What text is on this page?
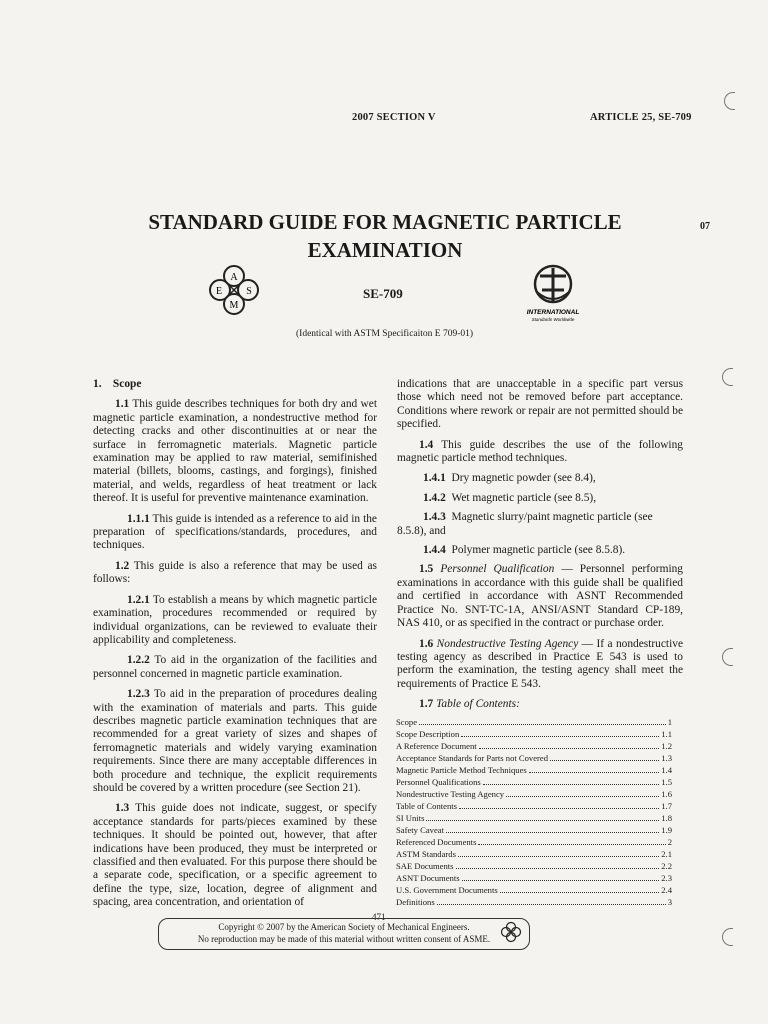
2007 SECTION V	ARTICLE 25, SE-709
STANDARD GUIDE FOR MAGNETIC PARTICLE
EXAMINATION
07
A
E S
M
SE-709
INTERNATIONAL
Standards Worldwide
(Identical with ASTM Specificaiton E 709-01)

1.    Scope

1.1 This guide describes techniques for both dry and wet magnetic particle examination, a nondestructive method for detecting cracks and other discontinuities at or near the surface in ferromagnetic materials. Magnetic particle examination may be applied to raw material, semifinished material (billets, blooms, castings, and forgings), finished material, and welds, regardless of heat treatment or lack thereof. It is useful for preventive maintenance examination.

1.1.1 This guide is intended as a reference to aid in the preparation of specifications/standards, procedures, and techniques.

1.2 This guide is also a reference that may be used as follows:

1.2.1 To establish a means by which magnetic particle examination, procedures recommended or required by individual organizations, can be reviewed to evaluate their applicability and completeness.

1.2.2 To aid in the organization of the facilities and personnel concerned in magnetic particle examination.

1.2.3 To aid in the preparation of procedures dealing with the examination of materials and parts. This guide describes magnetic particle examination techniques that are recommended for a great variety of sizes and shapes of ferromagnetic materials and widely varying examination requirements. Since there are many acceptable differences in both procedure and technique, the explicit requirements should be covered by a written procedure (see Section 21).

1.3 This guide does not indicate, suggest, or specify acceptance standards for parts/pieces examined by these techniques. It should be pointed out, however, that after indications have been produced, they must be interpreted or classified and then evaluated. For this purpose there should be a separate code, specification, or a specific agreement to define the type, size, location, degree of alignment and spacing, area concentration, and orientation of

indications that are unacceptable in a specific part versus those which need not be removed before part acceptance. Conditions where rework or repair are not permitted should be specified.

1.4 This guide describes the use of the following magnetic particle method techniques.

1.4.1 Dry magnetic powder (see 8.4),

1.4.2 Wet magnetic particle (see 8.5),

1.4.3 Magnetic slurry/paint magnetic particle (see 8.5.8), and

1.4.4 Polymer magnetic particle (see 8.5.8).

1.5 Personnel Qualification — Personnel performing examinations in accordance with this guide shall be qualified and certified in accordance with ASNT Recommended Practice No. SNT-TC-1A, ANSI/ASNT Standard CP-189, NAS 410, or as specified in the contract or purchase order.

1.6 Nondestructive Testing Agency — If a nondestructive testing agency as described in Practice E 543 is used to perform the examination, the testing agency shall meet the requirements of Practice E 543.

1.7 Table of Contents:

Scope	1
Scope Description	1.1
A Reference Document	1.2
Acceptance Standards for Parts not Covered	1.3
Magnetic Particle Method Techniques	1.4
Personnel Qualifications	1.5
Nondestructive Testing Agency	1.6
Table of Contents	1.7
SI Units	1.8
Safety Caveat	1.9
Referenced Documents	2
ASTM Standards	2.1
SAE Documents	2.2
ASNT Documents	2.3
U.S. Government Documents	2.4
Definitions	3
471
Copyright © 2007 by the American Society of Mechanical Engineers.
No reproduction may be made of this material without written consent of ASME.
